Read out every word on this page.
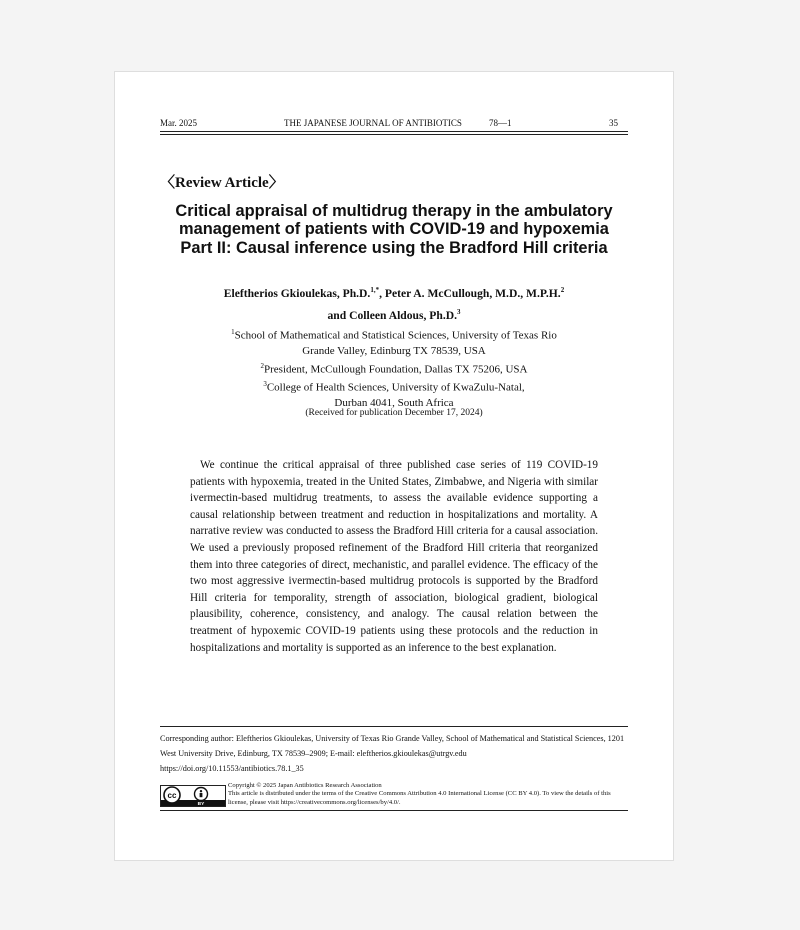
Mar. 2025	THE JAPANESE JOURNAL OF ANTIBIOTICS	78—1	35
〈Review Article〉
Critical appraisal of multidrug therapy in the ambulatory
management of patients with COVID-19 and hypoxemia
Part II: Causal inference using the Bradford Hill criteria
Eleftherios Gkioulekas, Ph.D.$^{1,*}$, Peter A. McCullough, M.D., M.P.H.$^2$
and Colleen Aldous, Ph.D.$^3$
$^1$School of Mathematical and Statistical Sciences, University of Texas Rio
Grande Valley, Edinburg TX 78539, USA
$^2$President, McCullough Foundation, Dallas TX 75206, USA
$^3$College of Health Sciences, University of KwaZulu-Natal,
Durban 4041, South Africa
(Received for publication December 17, 2024)

We continue the critical appraisal of three published case series of 119 COVID-19 patients with hypoxemia, treated in the United States, Zimbabwe, and Nigeria with similar ivermectin-based multidrug treatments, to assess the available evidence supporting a causal relationship between treatment and reduction in hospitalizations and mortality. A narrative review was conducted to assess the Bradford Hill criteria for a causal association. We used a previously proposed refinement of the Bradford Hill criteria that reorganized them into three categories of direct, mechanistic, and parallel evidence. The efficacy of the two most aggressive ivermectin-based multidrug protocols is supported by the Bradford Hill criteria for temporality, strength of association, biological gradient, biological plausibility, coherence, consistency, and analogy. The causal relation between the treatment of hypoxemic COVID-19 patients using these protocols and the reduction in hospitalizations and mortality is supported as an inference to the best explanation.

Corresponding author: Eleftherios Gkioulekas, University of Texas Rio Grande Valley, School of Mathematical and Statistical Sciences, 1201 West University Drive, Edinburg, TX 78539–2909; E-mail: eleftherios.gkioulekas@utrgv.edu
https://doi.org/10.11553/antibiotics.78.1_35

cc
BY

Copyright © 2025 Japan Antibiotics Research Association
This article is distributed under the terms of the Creative Commons Attribution 4.0 International License (CC BY 4.0). To view the details of this license, please visit https://creativecommons.org/licenses/by/4.0/.
